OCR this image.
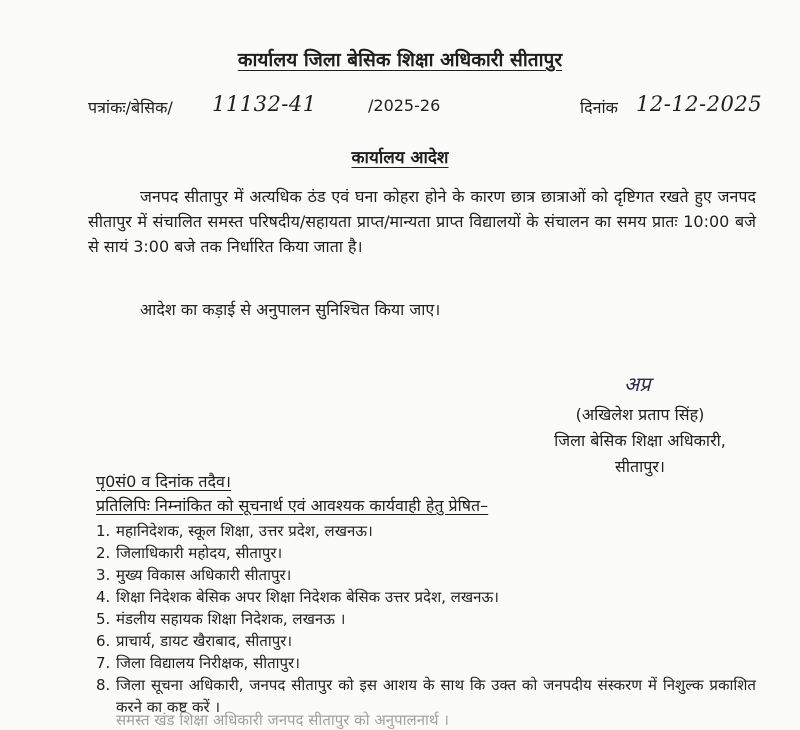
कार्यालय जिला बेसिक शिक्षा अधिकारी सीतापुर
पत्रांकः/बेसिक/ 11132-41	/2025-26	दिनांक 12-12-2025
कार्यालय आदेश
जनपद सीतापुर में अत्यधिक ठंड एवं घना कोहरा होने के कारण छात्र छात्राओं को दृष्टिगत रखते हुए जनपद सीतापुर में संचालित समस्त परिषदीय/सहायता प्राप्त/मान्यता प्राप्त विद्यालयों के संचालन का समय प्रातः 10:00 बजे से सायं 3:00 बजे तक निर्धारित किया जाता है।
आदेश का कड़ाई से अनुपालन सुनिश्चित किया जाए।
अप्र
(अखिलेश प्रताप सिंह)
जिला बेसिक शिक्षा अधिकारी,
सीतापुर।
पृ0सं0 व दिनांक तदैव।
प्रतिलिपिः निम्नांकित को सूचनार्थ एवं आवश्यक कार्यवाही हेतु प्रेषित–
1. महानिदेशक, स्कूल शिक्षा, उत्तर प्रदेश, लखनऊ।
2. जिलाधिकारी महोदय, सीतापुर।
3. मुख्य विकास अधिकारी सीतापुर।
4. शिक्षा निदेशक बेसिक अपर शिक्षा निदेशक बेसिक उत्तर प्रदेश, लखनऊ।
5. मंडलीय सहायक शिक्षा निदेशक, लखनऊ ।
6. प्राचार्य, डायट खैराबाद, सीतापुर।
7. जिला विद्यालय निरीक्षक, सीतापुर।
8. जिला सूचना अधिकारी, जनपद सीतापुर को इस आशय के साथ कि उक्त को जनपदीय संस्करण में निशुल्क प्रकाशित करने का कष्ट करें ।
समस्त खंड शिक्षा अधिकारी जनपद सीतापुर को अनुपालनार्थ ।
